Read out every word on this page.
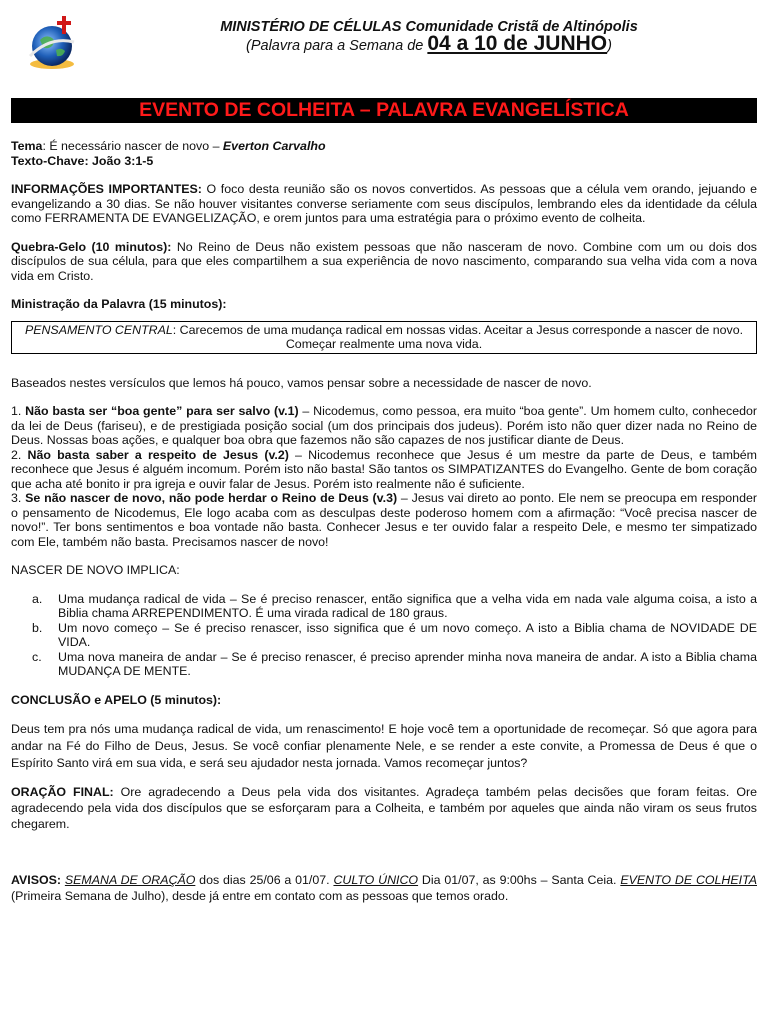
MINISTÉRIO DE CÉLULAS Comunidade Cristã de Altinópolis
(Palavra para a Semana de 04 a 10 de JUNHO)
EVENTO DE COLHEITA – PALAVRA EVANGELÍSTICA

Tema: É necessário nascer de novo – Everton Carvalho

Texto-Chave: João 3:1-5

INFORMAÇÕES IMPORTANTES: O foco desta reunião são os novos convertidos. As pessoas que a célula vem orando, jejuando e evangelizando a 30 dias. Se não houver visitantes converse seriamente com seus discípulos, lembrando eles da identidade da célula como FERRAMENTA DE EVANGELIZAÇÃO, e orem juntos para uma estratégia para o próximo evento de colheita.

Quebra-Gelo (10 minutos): No Reino de Deus não existem pessoas que não nasceram de novo. Combine com um ou dois dos discípulos de sua célula, para que eles compartilhem a sua experiência de novo nascimento, comparando sua velha vida com a nova vida em Cristo.

Ministração da Palavra (15 minutos):

PENSAMENTO CENTRAL: Carecemos de uma mudança radical em nossas vidas. Aceitar a Jesus corresponde a nascer de novo. Começar realmente uma nova vida.

Baseados nestes versículos que lemos há pouco, vamos pensar sobre a necessidade de nascer de novo.

1. Não basta ser “boa gente” para ser salvo (v.1) – Nicodemus, como pessoa, era muito “boa gente”. Um homem culto, conhecedor da lei de Deus (fariseu), e de prestigiada posição social (um dos principais dos judeus). Porém isto não quer dizer nada no Reino de Deus. Nossas boas ações, e qualquer boa obra que fazemos não são capazes de nos justificar diante de Deus.

2. Não basta saber a respeito de Jesus (v.2) – Nicodemus reconhece que Jesus é um mestre da parte de Deus, e também reconhece que Jesus é alguém incomum. Porém isto não basta! São tantos os SIMPATIZANTES do Evangelho. Gente de bom coração que acha até bonito ir pra igreja e ouvir falar de Jesus. Porém isto realmente não é suficiente.

3. Se não nascer de novo, não pode herdar o Reino de Deus (v.3) – Jesus vai direto ao ponto. Ele nem se preocupa em responder o pensamento de Nicodemus, Ele logo acaba com as desculpas deste poderoso homem com a afirmação: “Você precisa nascer de novo!”. Ter bons sentimentos e boa vontade não basta. Conhecer Jesus e ter ouvido falar a respeito Dele, e mesmo ter simpatizado com Ele, também não basta. Precisamos nascer de novo!

NASCER DE NOVO IMPLICA:

a. Uma mudança radical de vida – Se é preciso renascer, então significa que a velha vida em nada vale alguma coisa, a isto a Biblia chama ARREPENDIMENTO. É uma virada radical de 180 graus.
b. Um novo começo – Se é preciso renascer, isso significa que é um novo começo. A isto a Biblia chama de NOVIDADE DE VIDA.
c. Uma nova maneira de andar – Se é preciso renascer, é preciso aprender minha nova maneira de andar. A isto a Biblia chama MUDANÇA DE MENTE.

CONCLUSÃO e APELO (5 minutos):

Deus tem pra nós uma mudança radical de vida, um renascimento! E hoje você tem a oportunidade de recomeçar. Só que agora para andar na Fé do Filho de Deus, Jesus. Se você confiar plenamente Nele, e se render a este convite, a Promessa de Deus é que o Espírito Santo virá em sua vida, e será seu ajudador nesta jornada. Vamos recomeçar juntos?

ORAÇÃO FINAL: Ore agradecendo a Deus pela vida dos visitantes. Agradeça também pelas decisões que foram feitas. Ore agradecendo pela vida dos discípulos que se esforçaram para a Colheita, e também por aqueles que ainda não viram os seus frutos chegarem.

AVISOS: SEMANA DE ORAÇÃO dos dias 25/06 a 01/07. CULTO ÚNICO Dia 01/07, as 9:00hs – Santa Ceia. EVENTO DE COLHEITA (Primeira Semana de Julho), desde já entre em contato com as pessoas que temos orado.
